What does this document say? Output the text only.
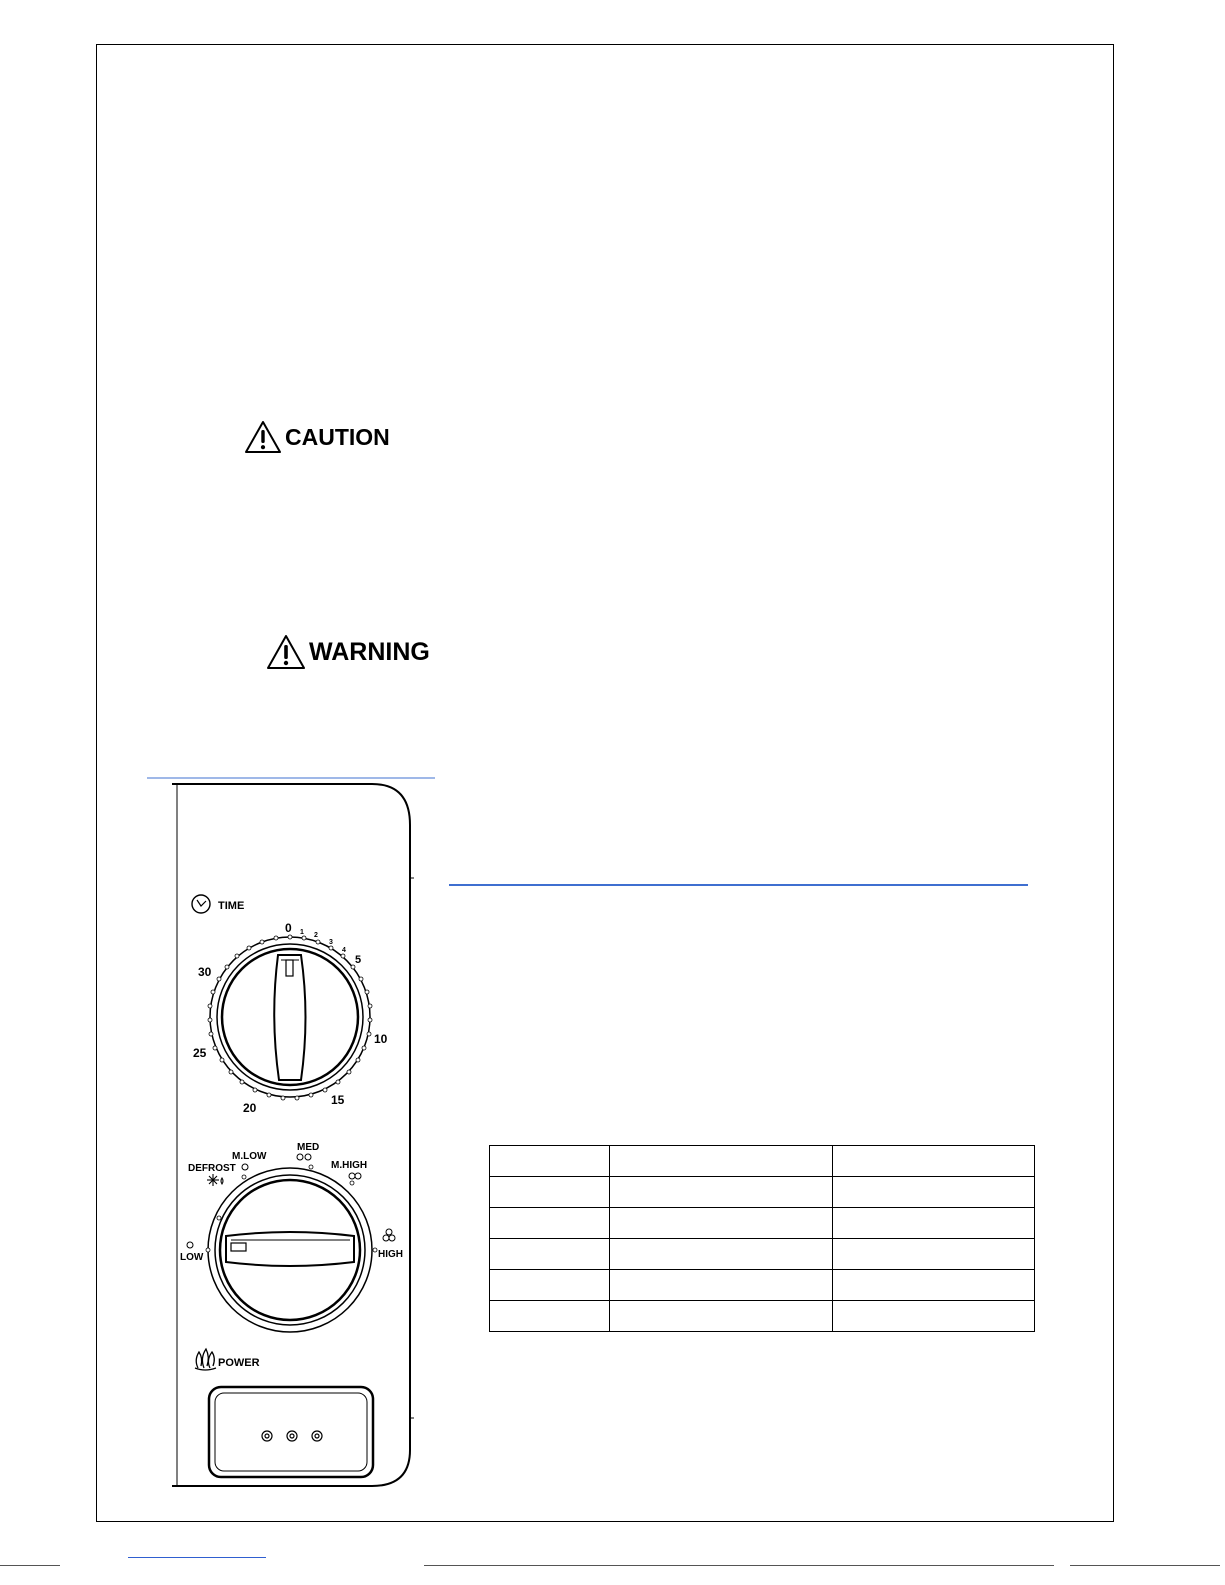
CAUTION
WARNING
TIME
0 1 2
3
4
5
10
15
20
25
30
DEFROST
M.LOW
MED
M.HIGH
LOW	HIGH
POWER
